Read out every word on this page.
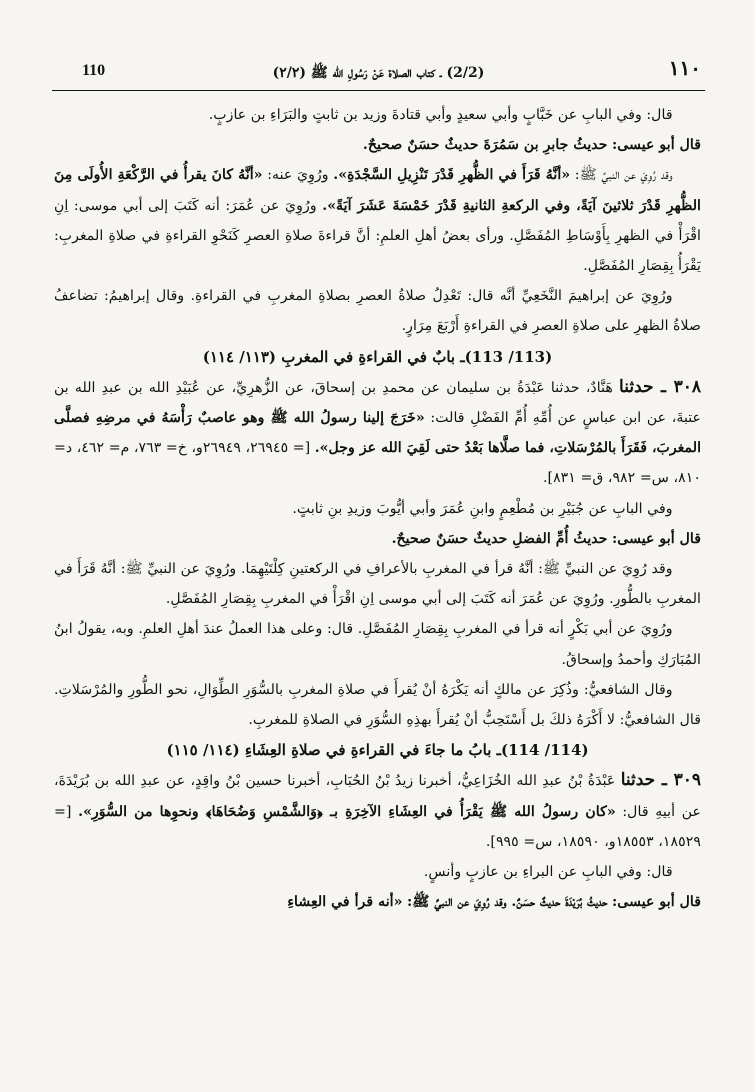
١١٠
(2/2) ـ كتاب الصلاة عَنْ رَسُولِ الله ﷺ (٢/٢)
110

قال: وفي البابِ عن خَبَّابٍ وأبي سعيدٍ وأبي قتادةَ وزيد بن ثابتٍ والبَرَاءِ بن عازبٍ.

قال أبو عيسى: حديثُ جابرِ بن سَمُرَةَ حديثٌ حسَنٌ صحيحٌ.

وقد رُوِيَ عن النبيِّ ﷺ: «أنَّهُ قَرَأَ في الظُّهرِ قَدْرَ تَنْزِيلِ السَّجْدَةِ». ورُوِيَ عنه: «أنَّهُ كانَ يقرأُ في الرَّكْعَةِ الأُولَى مِنَ الظُّهرِ قَدْرَ ثلاثينَ آيَةً، وفي الركعةِ الثانيةِ قَدْرَ خَمْسَةَ عَشَرَ آيَةً». ورُوِيَ عن عُمَرَ: أنه كَتَبَ إلى أبي موسى: اِنِ اقْرَأْ في الظهرِ بِأَوْسَاطِ المُفَصَّلِ. ورأى بعضُ أهلِ العلمِ: أنَّ قراءةَ صلاةِ العصرِ كَنَحْوِ القراءةِ في صلاةِ المغربِ: يَقْرَأُ بِقِصَارِ المُفَصَّلِ.

ورُوِيَ عن إبراهيمَ النَّخَعِيِّ أنَّه قال: تَعْدِلُ صلاةُ العصرِ بصلاةِ المغربِ في القراءةِ. وقال إبراهيمُ: تضاعفُ صلاةُ الظهرِ على صلاةِ العصرِ في القراءةِ أَرْبَعَ مِرَارٍ.

(113/ 113)ـ بابٌ في القراءةِ في المغربِ (١١٣/ ١١٤)

٣٠٨ ـ حدثنا هَنَّادٌ، حدثنا عَبْدَةُ بن سليمان عن محمدِ بن إسحاقَ، عن الزُّهرِيِّ، عن عُبَيْدِ الله بن عبدِ الله بن عتبةَ، عن ابن عباسٍ عن أُمِّهِ أُمِّ الفَضْلِ قالت: «خَرَجَ إلينا رسولُ الله ﷺ وهو عاصبٌ رَأْسَهُ في مرضِهِ فصلَّى المغربَ، فَقَرَأَ بالمُرْسَلاتِ، فما صلَّاها بَعْدُ حتى لَقِيَ الله عز وجل». [= ٢٦٩٤٥، ٢٦٩٤٩و، خ= ٧٦٣، م= ٤٦٢، د= ٨١٠، س= ٩٨٢، ق= ٨٣١].

وفي البابِ عن جُبَيْرِ بن مُطْعِمٍ وابنِ عُمَرَ وأبي أيُّوبَ وزيدِ بنِ ثابتٍ.

قال أبو عيسى: حديثُ أُمِّ الفضلِ حديثٌ حسَنٌ صحيحٌ.

وقد رُوِيَ عن النبيِّ ﷺ: أنَّهُ قرأ في المغربِ بالأعرافِ في الركعتينِ كِلْتَيْهِمَا. ورُوِيَ عن النبيِّ ﷺ: أنَّهُ قَرَأَ في المغربِ بالطُّورِ. ورُوِيَ عن عُمَرَ أنه كَتَبَ إلى أبي موسى اِنِ اقْرَأْ في المغربِ بِقِصَارِ المُفَصَّلِ.

ورُوِيَ عن أبي بَكْرٍ أنه قرأ في المغربِ بِقِصَارِ المُفَصَّلِ. قال: وعلى هذا العملُ عندَ أهلِ العلمِ. وبه، يقولُ ابنُ المُبَارَكِ وأحمدُ وإسحاقُ.

وقال الشافعيُّ: وذُكِرَ عن مالكٍ أنه يَكْرَهُ أنْ يُقرأَ في صلاةِ المغربِ بالسُّوَرِ الطِّوَالِ، نحو الطُّورِ والمُرْسَلاتِ. قال الشافعيُّ: لا أَكْرَهُ ذلكَ بل أَسْتَحِبُّ أنْ يُقرأَ بهذِهِ السُّوَرِ في الصلاةِ للمغربِ.

(114/ 114)ـ بابُ ما جاءَ في القراءةِ في صلاةِ العِشَاءِ (١١٤/ ١١٥)

٣٠٩ ـ حدثنا عَبْدَةُ بْنُ عبدِ الله الخُزَاعِيُّ، أخبرنا زيدُ بْنُ الحُبَابِ، أخبرنا حسين بْنُ واقِدٍ، عن عبدِ الله بن بُرَيْدَةَ، عن أبيهِ قال: «كان رسولُ الله ﷺ يَقْرَأُ في العِشَاءِ الآخِرَةِ بـ ﴿وَالشَّمْسِ وَضُحَاهَا﴾ ونحوِها من السُّوَرِ». [= ١٨٥٢٩، ١٨٥٥٣و، ١٨٥٩٠، س= ٩٩٥].

قال: وفي البابِ عن البراءِ بن عازبٍ وأنسٍ.

قال أبو عيسى: حديثُ بُرَيْدَةَ حديثٌ حسَنٌ. وقد رُوِيَ عن النبيِّ ﷺ: «أنه قرأ في العِشاءِ
